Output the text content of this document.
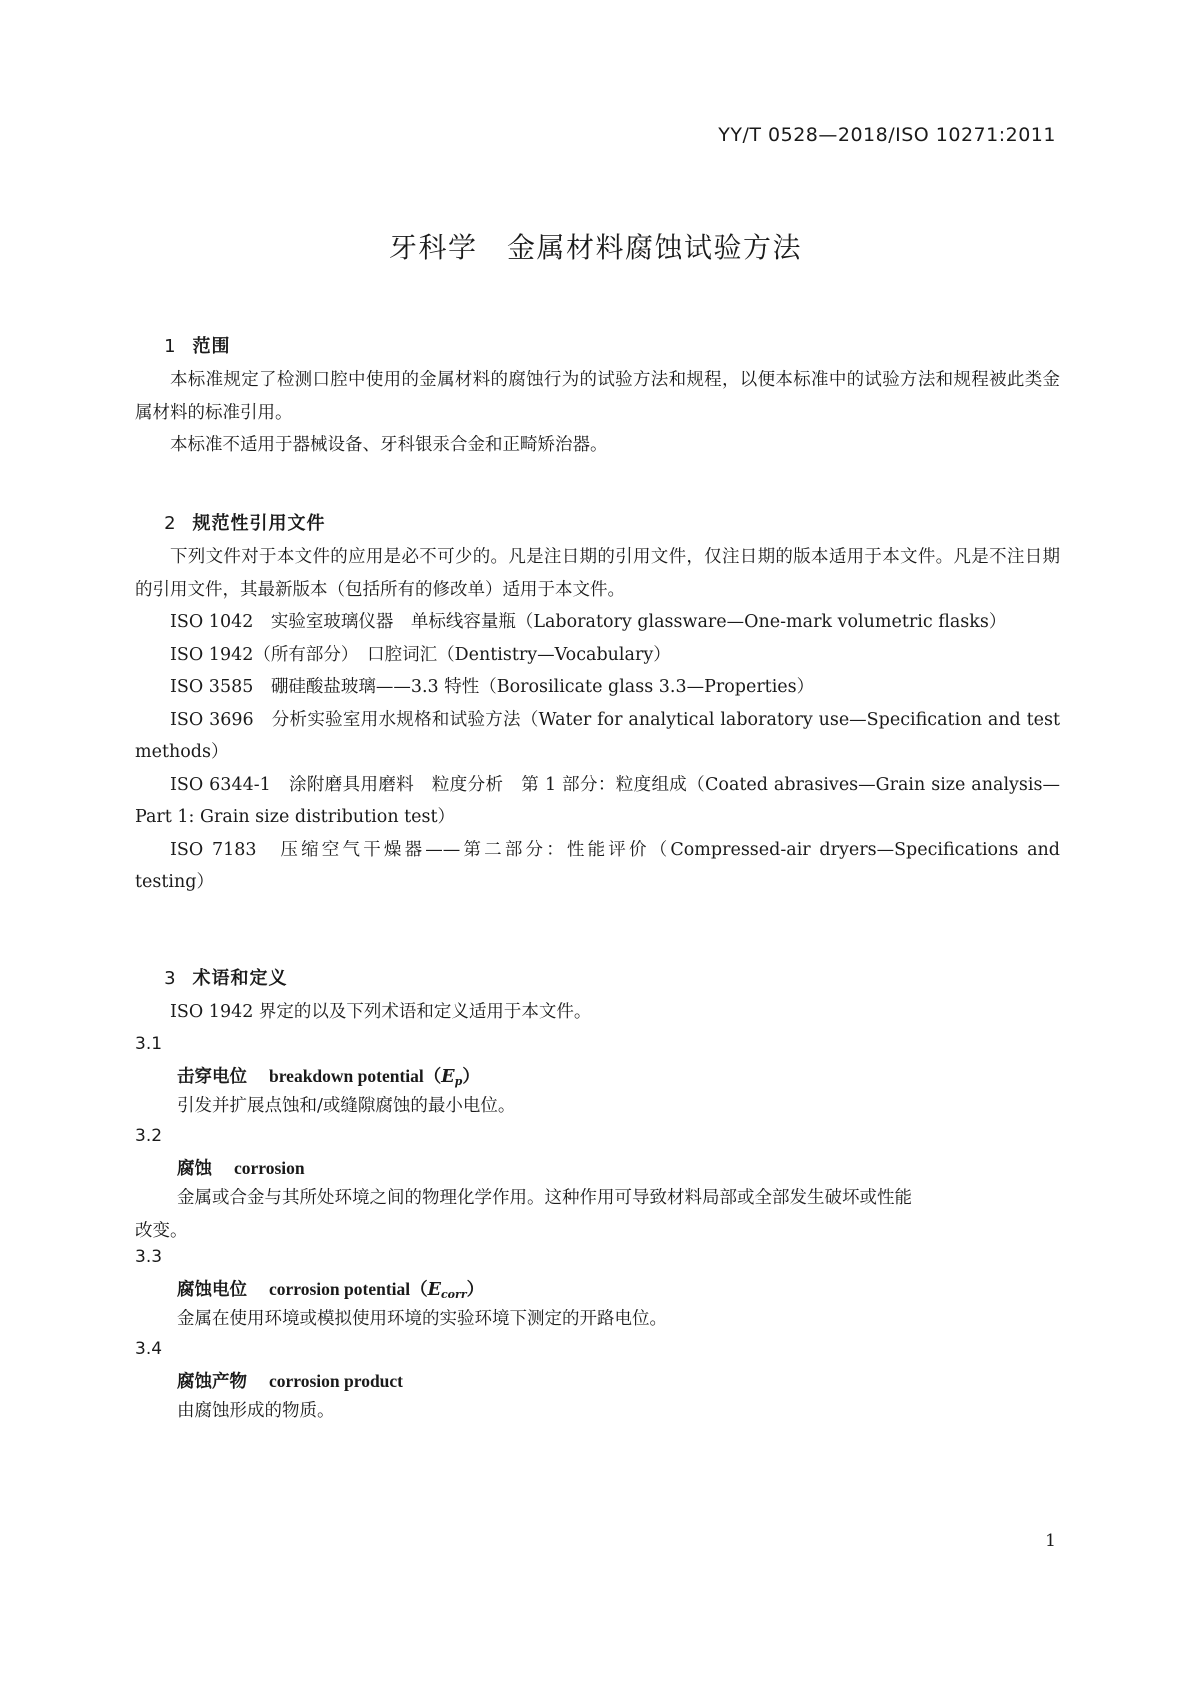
YY/T 0528—2018/ISO 10271:2011
牙科学　金属材料腐蚀试验方法

1 范围

本标准规定了检测口腔中使用的金属材料的腐蚀行为的试验方法和规程，以便本标准中的试验方法和规程被此类金属材料的标准引用。

本标准不适用于器械设备、牙科银汞合金和正畸矫治器。

2 规范性引用文件

下列文件对于本文件的应用是必不可少的。凡是注日期的引用文件，仅注日期的版本适用于本文件。凡是不注日期的引用文件，其最新版本（包括所有的修改单）适用于本文件。

ISO 1042　实验室玻璃仪器　单标线容量瓶（Laboratory glassware—One-mark volumetric flasks）

ISO 1942（所有部分）　口腔词汇（Dentistry—Vocabulary）

ISO 3585　硼硅酸盐玻璃——3.3 特性（Borosilicate glass 3.3—Properties）

ISO 3696　分析实验室用水规格和试验方法（Water for analytical laboratory use—Specification and test methods）

ISO 6344-1　涂附磨具用磨料　粒度分析　第 1 部分：粒度组成（Coated abrasives—Grain size analysis—Part 1: Grain size distribution test）

ISO 7183　压缩空气干燥器——第二部分：性能评价（Compressed-air dryers—Specifications and testing）

3 术语和定义

ISO 1942 界定的以及下列术语和定义适用于本文件。

3.1
击穿电位 breakdown $potential(E_p)$
引发并扩展点蚀和/或缝隙腐蚀的最小电位。
3.2
腐蚀 corrosion
金属或合金与其所处环境之间的物理化学作用。这种作用可导致材料局部或全部发生破坏或性能
改变。
3.3
腐蚀电位 corrosion $potential(E_{corr})$
金属在使用环境或模拟使用环境的实验环境下测定的开路电位。
3.4
腐蚀产物 corrosion product
由腐蚀形成的物质。
1
